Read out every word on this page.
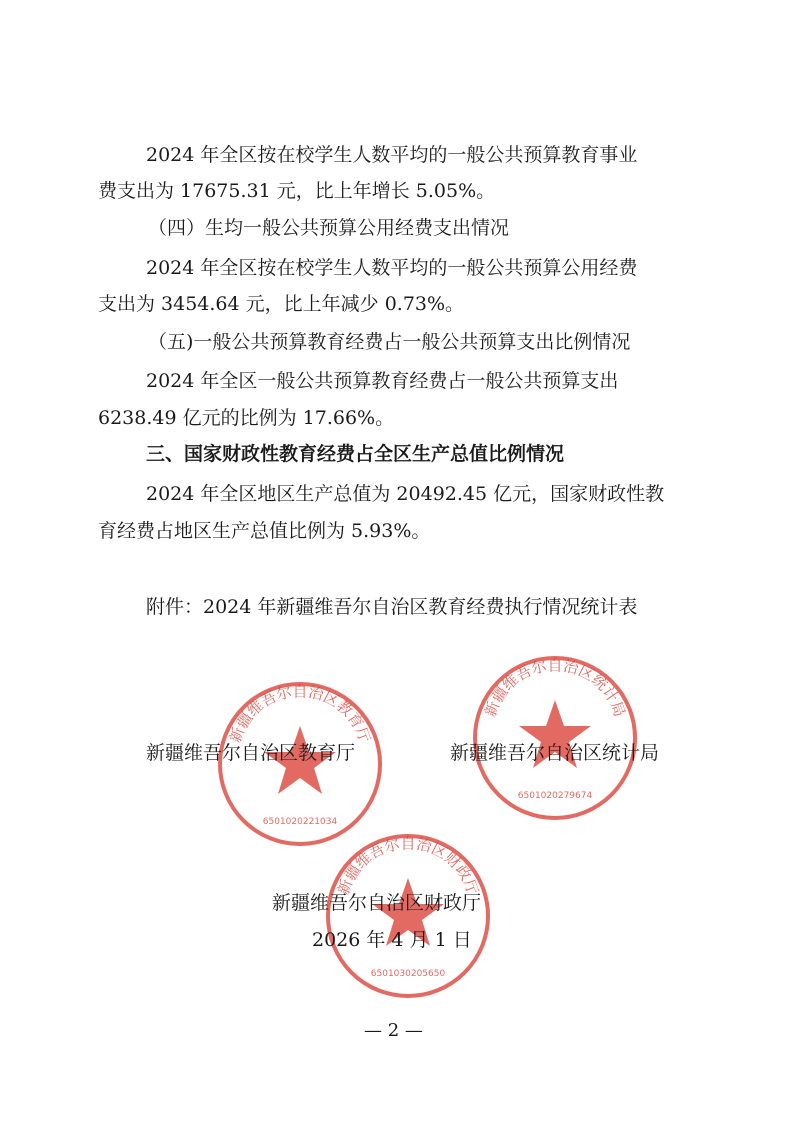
2024 年全区按在校学生人数平均的一般公共预算教育事业
费支出为 17675.31 元，比上年增长 5.05%。
（四）生均一般公共预算公用经费支出情况
2024 年全区按在校学生人数平均的一般公共预算公用经费
支出为 3454.64 元，比上年减少 0.73%。
（五)一般公共预算教育经费占一般公共预算支出比例情况
2024 年全区一般公共预算教育经费占一般公共预算支出
6238.49 亿元的比例为 17.66%。
三、国家财政性教育经费占全区生产总值比例情况
2024 年全区地区生产总值为 20492.45 亿元，国家财政性教
育经费占地区生产总值比例为 5.93%。
附件：2024 年新疆维吾尔自治区教育经费执行情况统计表
新疆维吾尔自治区教育厅
6501020221034
新疆维吾尔自治区统计局
6501020279674
新疆维吾尔自治区财政厅
6501030205650
新疆维吾尔自治区教育厅	新疆维吾尔自治区统计局
新疆维吾尔自治区财政厅
2026 年 4 月 1 日
— 2 —
